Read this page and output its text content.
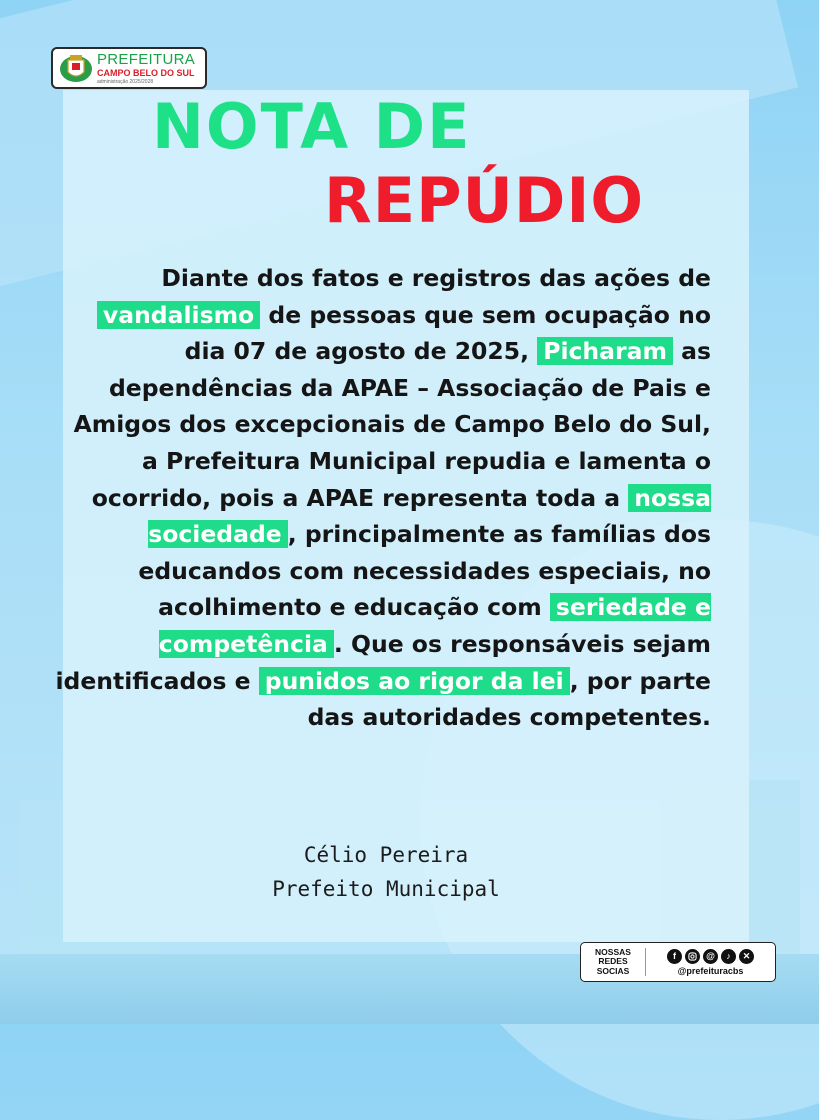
PREFEITURA
CAMPO BELO DO SUL
administração 2025/2028
NOTA DE
REPÚDIO
Diante dos fatos e registros das ações de vandalismo de pessoas que sem ocupação no dia 07 de agosto de 2025, Picharam as dependências da APAE – Associação de Pais e Amigos dos excepcionais de Campo Belo do Sul, a Prefeitura Municipal repudia e lamenta o ocorrido, pois a APAE representa toda a nossa sociedade , principalmente as famílias dos educandos com necessidades especiais, no acolhimento e educação com seriedade e competência . Que os responsáveis sejam identificados e punidos ao rigor da lei , por parte das autoridades competentes.
Célio Pereira
Prefeito Municipal
NOSSAS
REDES
SOCIAS
f	@	♪	✕
@prefeituracbs
